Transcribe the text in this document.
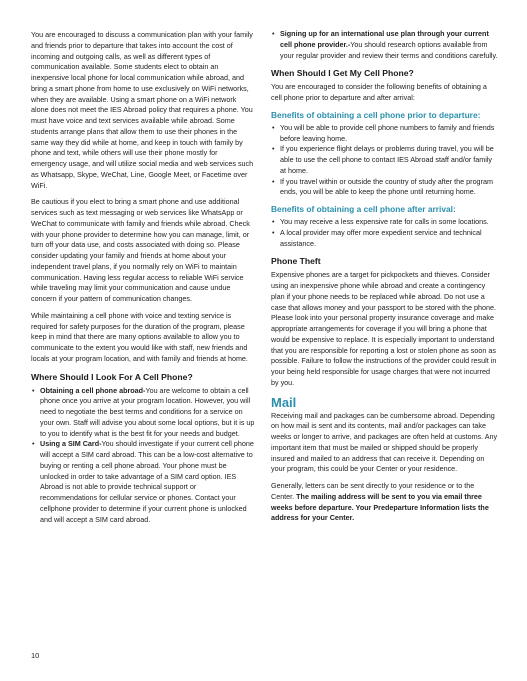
You are encouraged to discuss a communication plan with your family and friends prior to departure that takes into account the cost of incoming and outgoing calls, as well as different types of communication available. Some students elect to obtain an inexpensive local phone for local communication while abroad, and bring a smart phone from home to use exclusively on WiFi networks, when they are available. Using a smart phone on a WiFi network alone does not meet the IES Abroad policy that requires a phone. You must have voice and text services available while abroad. Some students arrange plans that allow them to use their phones in the same way they did while at home, and keep in touch with family by phone and text, while others will use their phone mostly for emergency usage, and will utilize social media and web services such as Whatsapp, Skype, WeChat, Line, Google Meet, or Facetime over WiFi.

Be cautious if you elect to bring a smart phone and use additional services such as text messaging or web services like WhatsApp or WeChat to communicate with family and friends while abroad. Check with your phone provider to determine how you can manage, limit, or turn off your data use, and costs associated with doing so. Please consider updating your family and friends at home about your independent travel plans, if you normally rely on WiFi to maintain communication. Having less regular access to reliable WiFi service while traveling may limit your communication and cause undue concern if your pattern of communication changes.

While maintaining a cell phone with voice and texting service is required for safety purposes for the duration of the program, please keep in mind that there are many options available to allow you to communicate to the extent you would like with staff, new friends and locals at your program location, and with family and friends at home.

Where Should I Look For A Cell Phone?
• Obtaining a cell phone abroad-You are welcome to obtain a cell phone once you arrive at your program location. However, you will need to negotiate the best terms and conditions for a service on your own. Staff will advise you about some local options, but it is up to you to identify what is the best fit for your needs and budget.
• Using a SIM Card-You should investigate if your current cell phone will accept a SIM card abroad. This can be a low-cost alternative to buying or renting a cell phone abroad. Your phone must be unlocked in order to take advantage of a SIM card option. IES Abroad is not able to provide technical support or recommendations for cellular service or phones. Contact your cellphone provider to determine if your current phone is unlocked and will accept a SIM card abroad.
• Signing up for an international use plan through your current cell phone provider.-You should research options available from your regular provider and review their terms and conditions carefully.
When Should I Get My Cell Phone?

You are encouraged to consider the following benefits of obtaining a cell phone prior to departure and after arrival:

Benefits of obtaining a cell phone prior to departure:
• You will be able to provide cell phone numbers to family and friends before leaving home.
• If you experience flight delays or problems during travel, you will be able to use the cell phone to contact IES Abroad staff and/or family at home.
• If you travel within or outside the country of study after the program ends, you will be able to keep the phone until returning home.
Benefits of obtaining a cell phone after arrival:
• You may receive a less expensive rate for calls in some locations.
• A local provider may offer more expedient service and technical assistance.
Phone Theft

Expensive phones are a target for pickpockets and thieves. Consider using an inexpensive phone while abroad and create a contingency plan if your phone needs to be replaced while abroad. Do not use a case that allows money and your passport to be stored with the phone. Please look into your personal property insurance coverage and make appropriate arrangements for coverage if you will bring a phone that would be expensive to replace. It is especially important to understand that you are responsible for reporting a lost or stolen phone as soon as possible. Failure to follow the instructions of the provider could result in your being held responsible for usage charges that were not incurred by you.

Mail

Receiving mail and packages can be cumbersome abroad. Depending on how mail is sent and its contents, mail and/or packages can take weeks or longer to arrive, and packages are often held at customs. Any important item that must be mailed or shipped should be properly insured and mailed to an address that can receive it. Depending on your program, this could be your Center or your residence.

Generally, letters can be sent directly to your residence or to the Center. The mailing address will be sent to you via email three weeks before departure. Your Predeparture Information lists the address for your Center.

10
